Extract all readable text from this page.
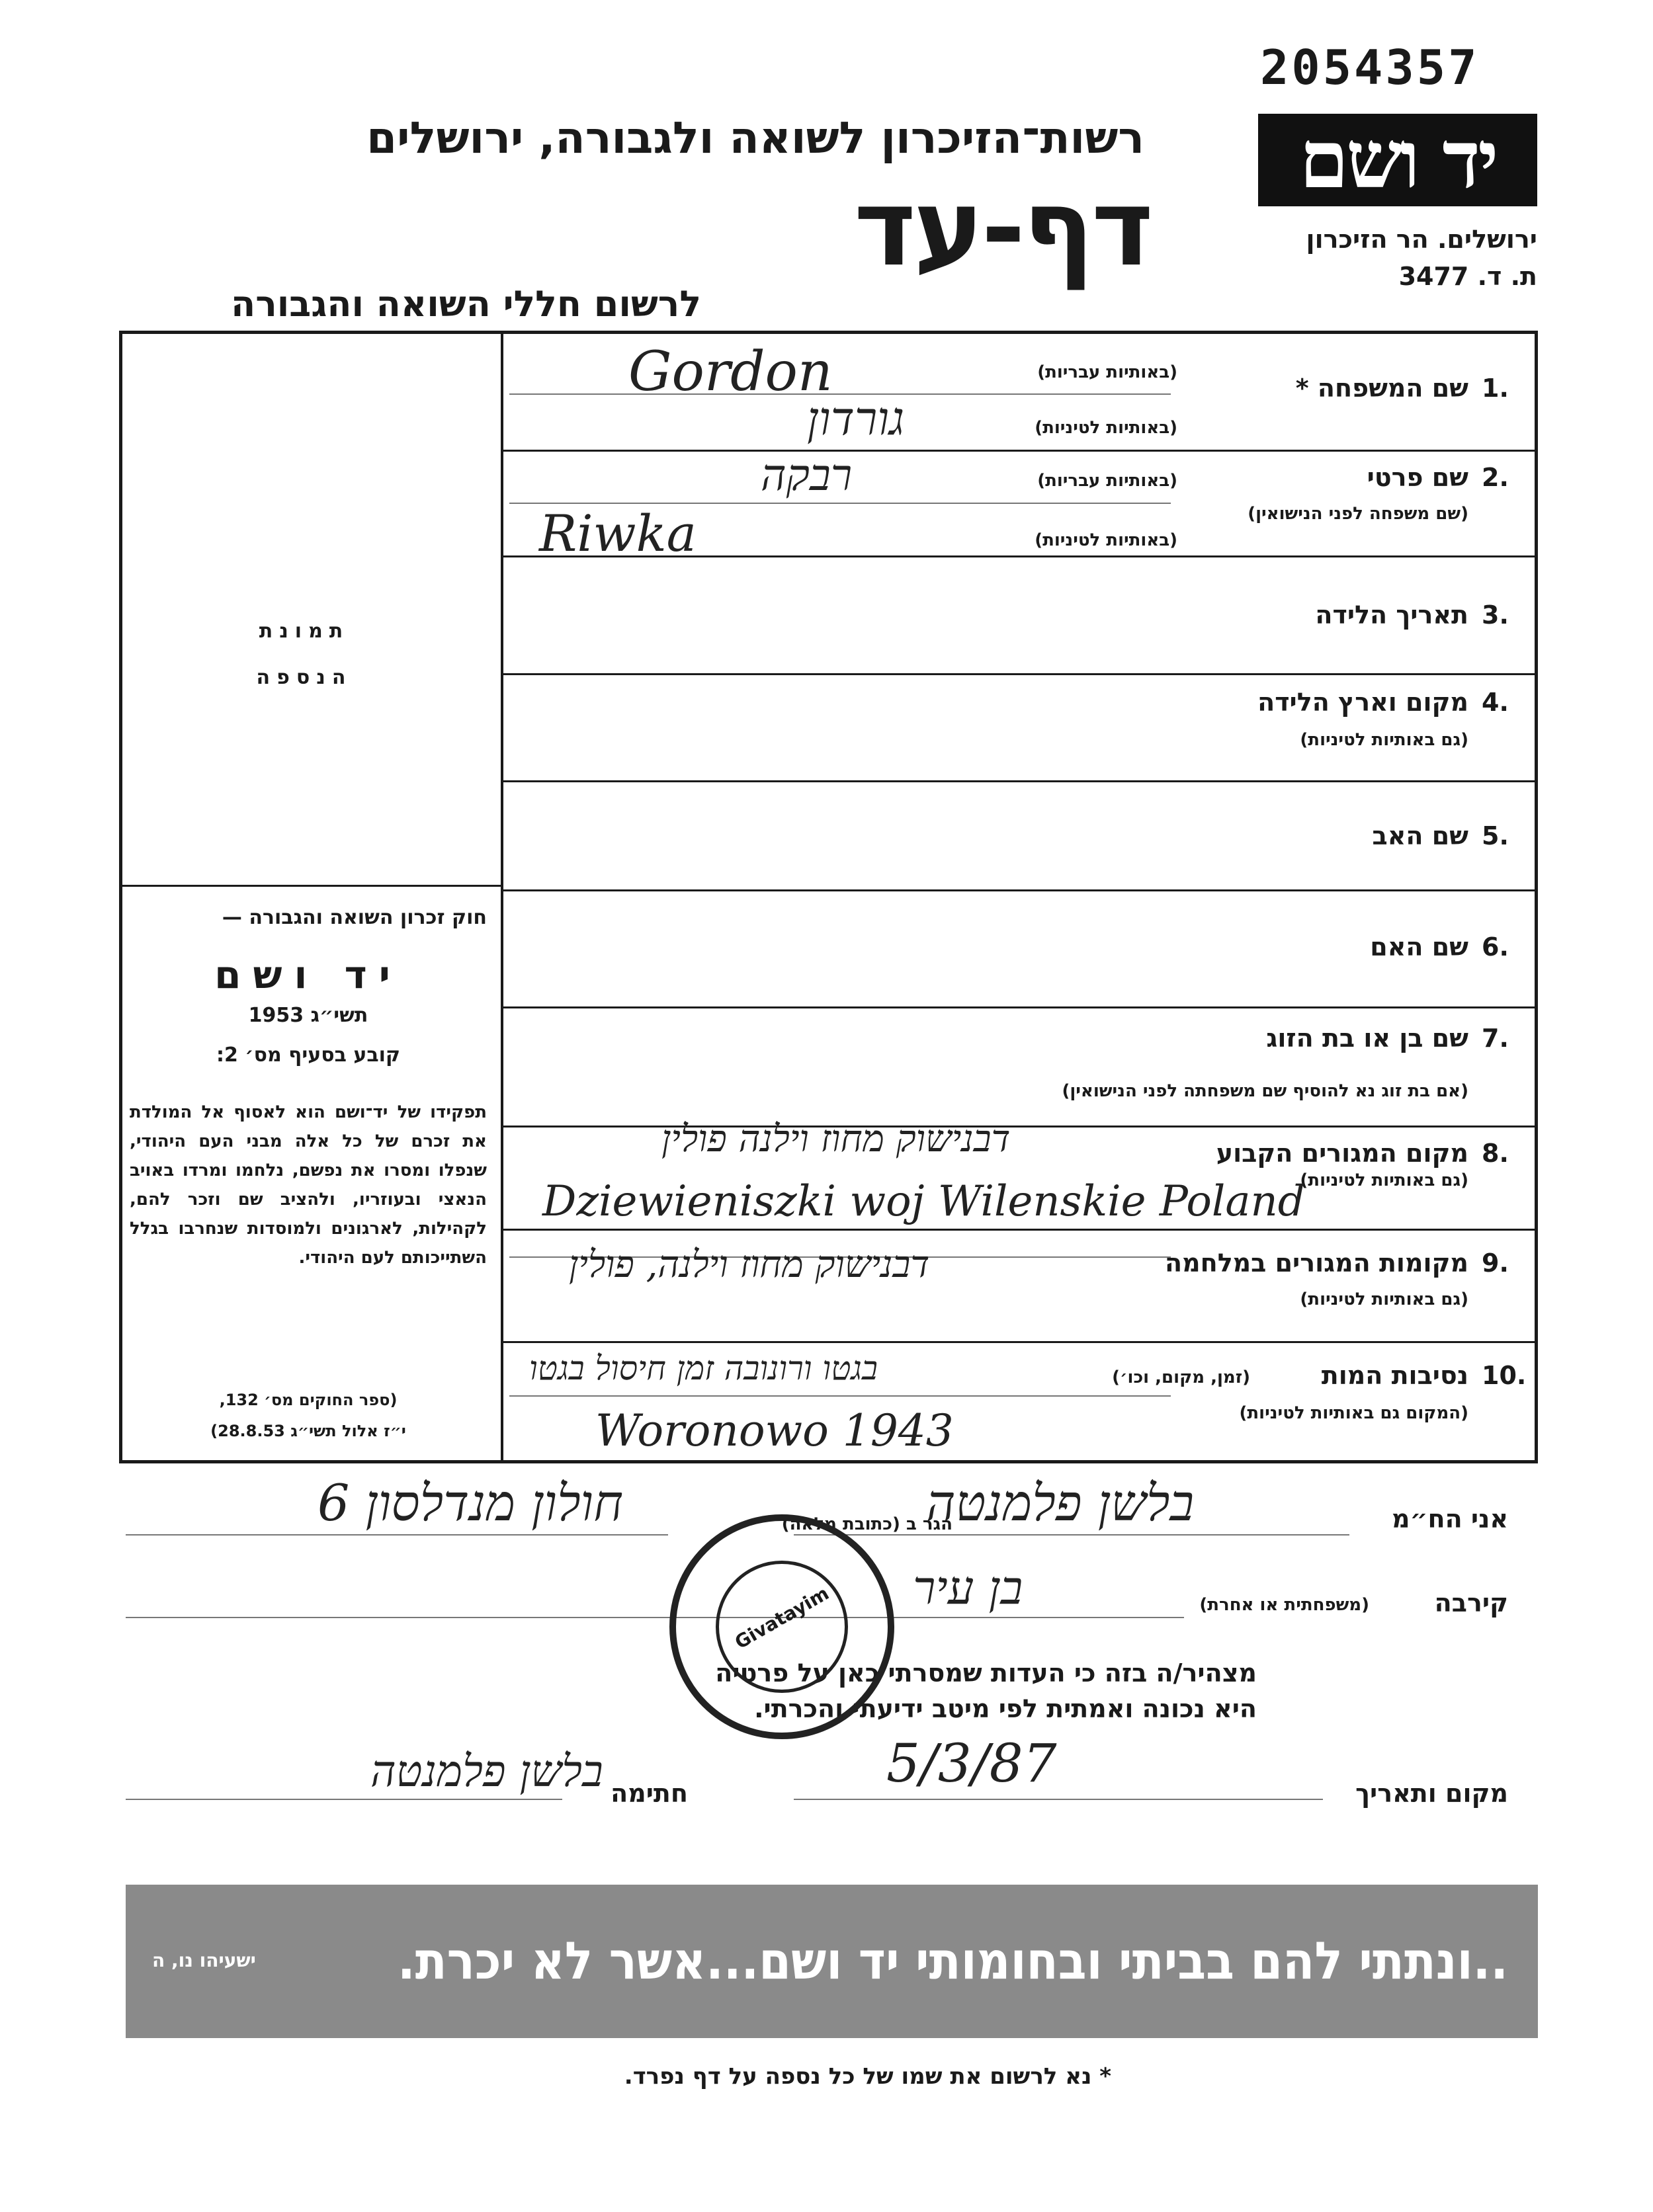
2054357
יד ושם
ירושלים. הר הזיכרון
ת. ד. 3477
רשות־הזיכרון לשואה ולגבורה, ירושלים
דף-עד
לרשום חללי השואה והגבורה
תמונת
הנספה
חוק זכרון השואה והגבורה —
יד ושם
תשי״ג 1953
קובע בסעיף מס׳ 2:
תפקידו של יד־ושם הוא לאסוף אל המולדת את זכרם של כל אלה מבני העם היהודי, שנפלו ומסרו את נפשם, נלחמו ומרדו באויב הנאצי ובעוזריו, ולהציב שם וזכר להם, לקהילות, לארגונים ולמוסדות שנחרבו בגלל השתייכותם לעם היהודי.
(ספר החוקים מס׳ 132,
י״ז אלול תשי״ג 28.8.53)
1.
שם המשפחה *
(באותיות עבריות)
(באותיות לטיניות)
Gordon
גורדון
2.
שם פרטי
(שם משפחה לפני הנישואין)
(באותיות עבריות)
(באותיות לטיניות)
רבקה
Riwka
3.
תאריך הלידה
4.
מקום וארץ הלידה
(גם באותיות לטיניות)
5.
שם האב
6.
שם האם
7.
שם בן או בת הזוג
(אם בת זוג נא להוסיף שם משפחתה לפני הנישואין)
8.
מקום המגורים הקבוע
(גם באותיות לטיניות)
דבנישוק מחוז וילנה פולין
Dziewieniszki woj Wilenskie Poland
9.
מקומות המגורים במלחמה
(גם באותיות לטיניות)
דבנישוק מחוז וילנה, פולין
10.
נסיבות המות
(זמן, מקום, וכו׳)
(המקום גם באותיות לטיניות)
בגטו ורונובה זמן חיסול בגטו
Woronowo 1943
אני הח״מ
בלשן פלמנטה
הגר ב (כתובת מלאה)
חולון מנדלסון 6
קירבה
(משפחתית או אחרת)
בן עיר
מצהיר/ה בזה כי העדות שמסרתי כאן על פרטיה
היא נכונה ואמתית לפי מיטב ידיעתי והכרתי.
מקום ותאריך
5/3/87
חתימה
בלשן פלמנטה
Givatayim
..ונתתי להם בביתי ובחומותי יד ושם...אשר לא יכרת.
ישעיהו נו, ה
* נא לרשום את שמו של כל נספה על דף נפרד.
